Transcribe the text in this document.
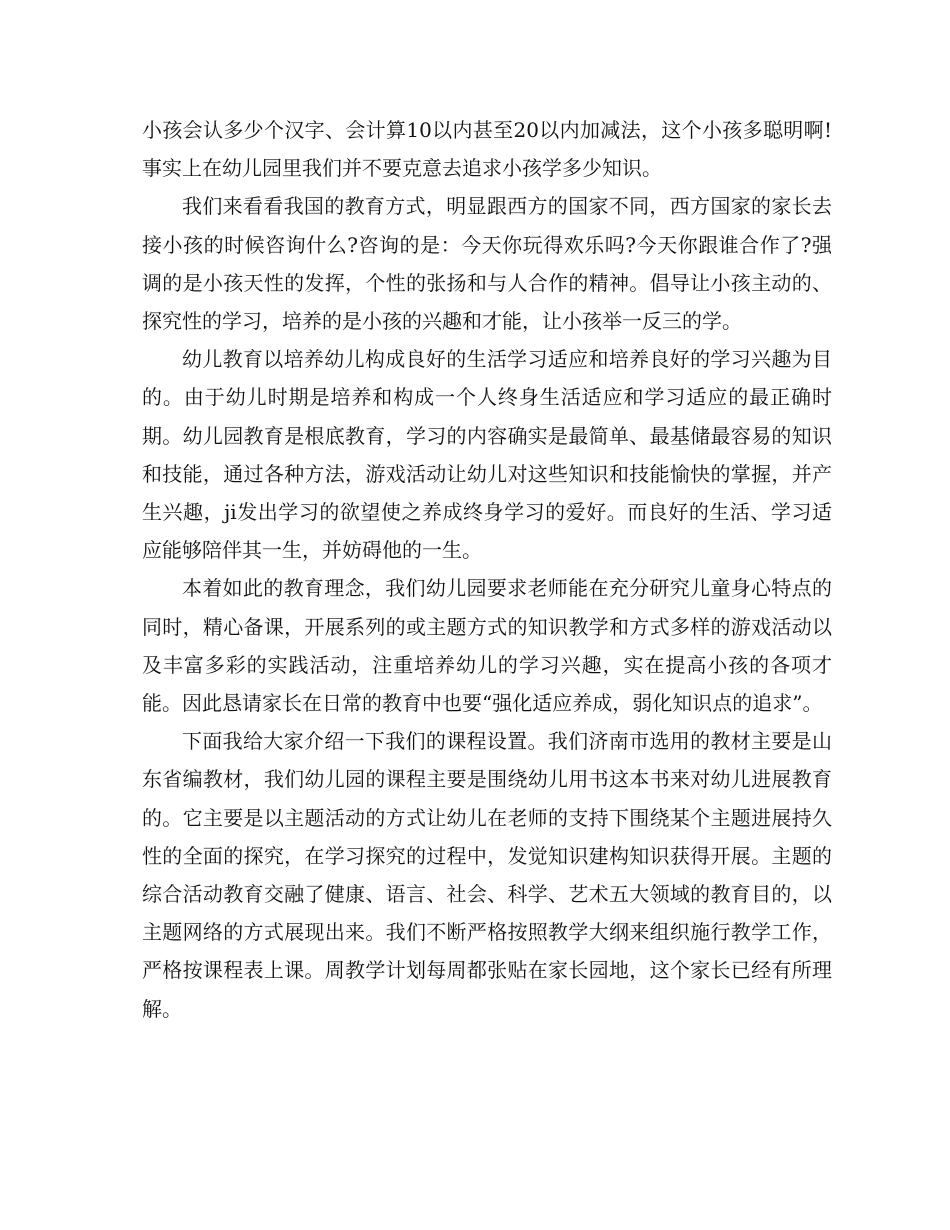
小孩会认多少个汉字、会计算10以内甚至20以内加减法，这个小孩多聪明啊!事实上在幼儿园里我们并不要克意去追求小孩学多少知识。

我们来看看我国的教育方式，明显跟西方的国家不同，西方国家的家长去接小孩的时候咨询什么?咨询的是：今天你玩得欢乐吗?今天你跟谁合作了?强调的是小孩天性的发挥，个性的张扬和与人合作的精神。倡导让小孩主动的、探究性的学习，培养的是小孩的兴趣和才能，让小孩举一反三的学。

幼儿教育以培养幼儿构成良好的生活学习适应和培养良好的学习兴趣为目的。由于幼儿时期是培养和构成一个人终身生活适应和学习适应的最正确时期。幼儿园教育是根底教育，学习的内容确实是最简单、最基储最容易的知识和技能，通过各种方法，游戏活动让幼儿对这些知识和技能愉快的掌握，并产生兴趣，ji发出学习的欲望使之养成终身学习的爱好。而良好的生活、学习适应能够陪伴其一生，并妨碍他的一生。

本着如此的教育理念，我们幼儿园要求老师能在充分研究儿童身心特点的同时，精心备课，开展系列的或主题方式的知识教学和方式多样的游戏活动以及丰富多彩的实践活动，注重培养幼儿的学习兴趣，实在提高小孩的各项才能。因此恳请家长在日常的教育中也要“强化适应养成，弱化知识点的追求”。

下面我给大家介绍一下我们的课程设置。我们济南市选用的教材主要是山东省编教材，我们幼儿园的课程主要是围绕幼儿用书这本书来对幼儿进展教育的。它主要是以主题活动的方式让幼儿在老师的支持下围绕某个主题进展持久性的全面的探究，在学习探究的过程中，发觉知识建构知识获得开展。主题的综合活动教育交融了健康、语言、社会、科学、艺术五大领域的教育目的，以主题网络的方式展现出来。我们不断严格按照教学大纲来组织施行教学工作，严格按课程表上课。周教学计划每周都张贴在家长园地，这个家长已经有所理解。
